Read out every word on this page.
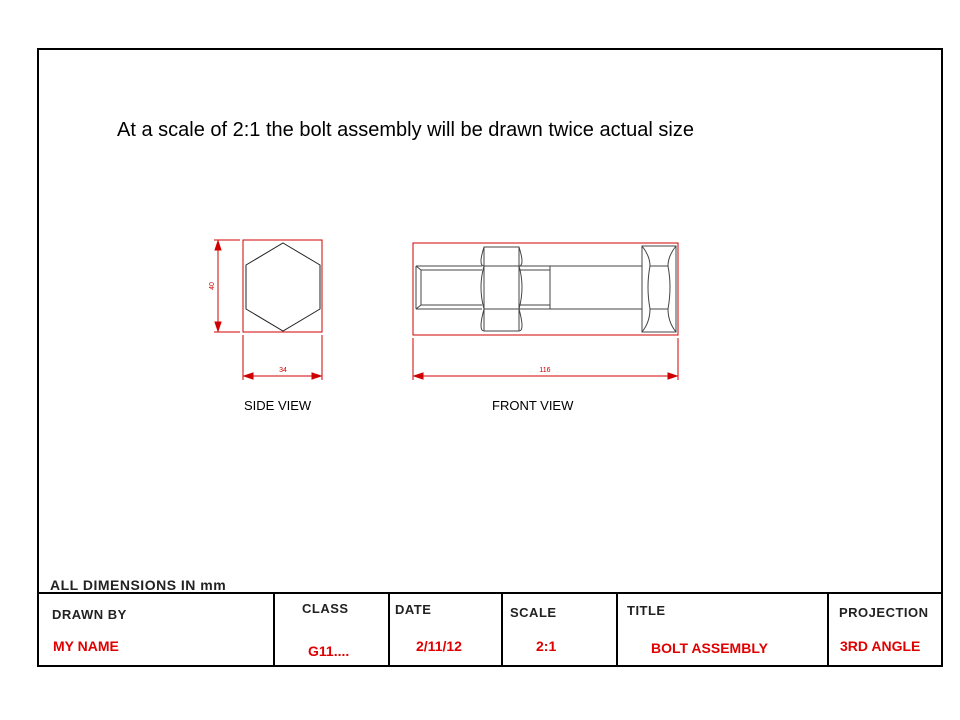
40
34	116
At a scale of 2:1 the bolt assembly will be drawn twice actual size
SIDE VIEW	FRONT VIEW
ALL DIMENSIONS IN mm
DRAWN BY	CLASS	DATE	SCALE	TITLE	PROJECTION
MY NAME	G11....	2/11/12	2:1	BOLT ASSEMBLY	3RD ANGLE
